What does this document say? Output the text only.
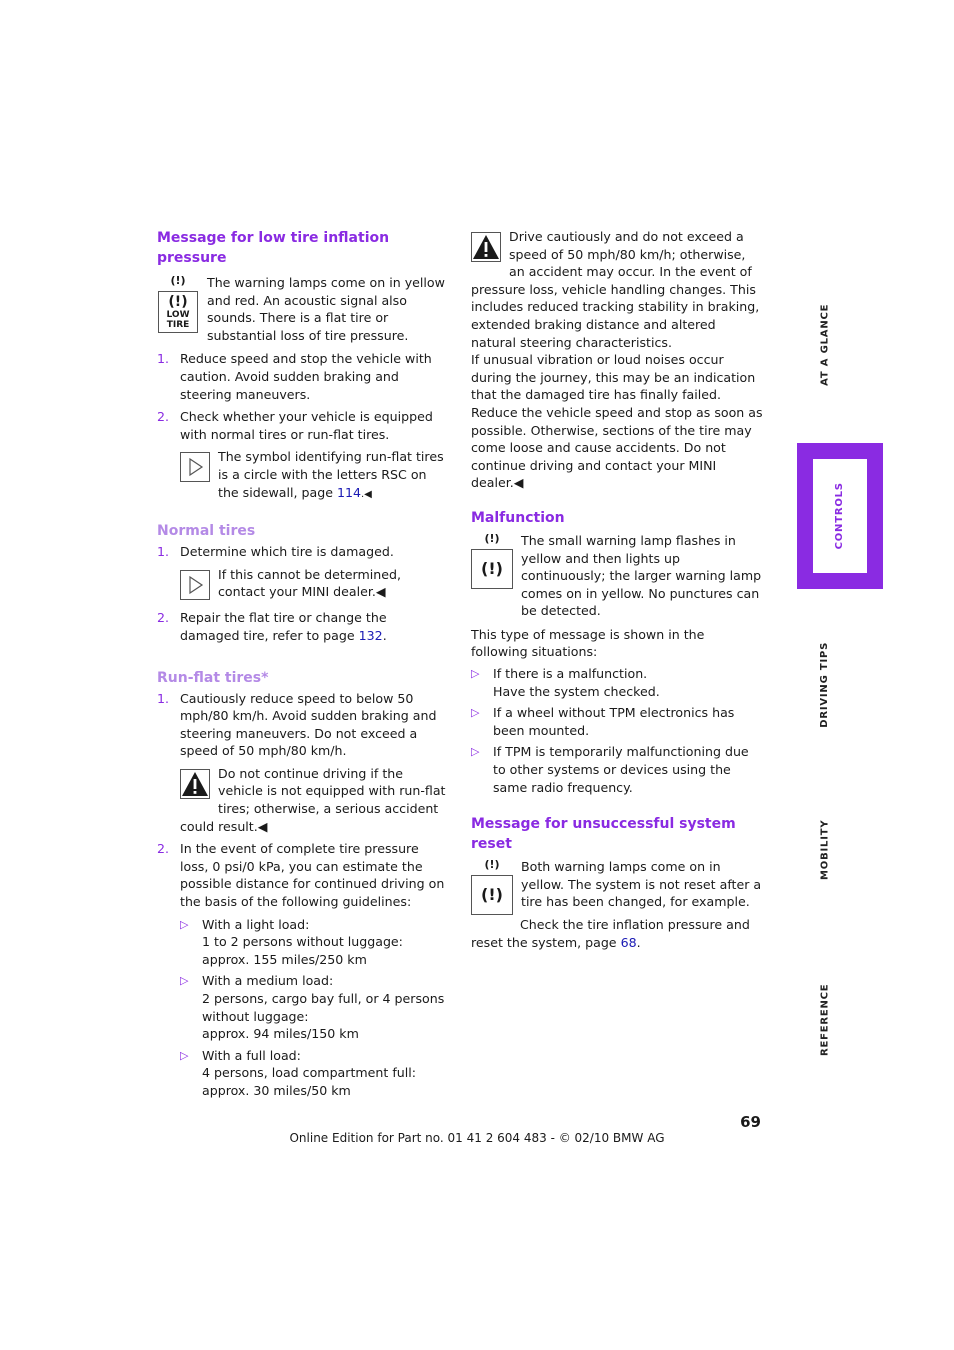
Message for low tire inflation pressure
(!)
(!)
LOW
TIRE

The warning lamps come on in yellow and red. An acoustic signal also sounds. There is a flat tire or substantial loss of tire pressure.

1. Reduce speed and stop the vehicle with caution. Avoid sudden braking and steering maneuvers.
2. Check whether your vehicle is equipped with normal tires or run-flat tires.

The symbol identifying run-flat tires is a circle with the letters RSC on the sidewall, page 114.◀

Normal tires
1. Determine which tire is damaged.

If this cannot be determined, contact your MINI dealer.◀

2. Repair the flat tire or change the damaged tire, refer to page 132.
Run-flat tires*
1. Cautiously reduce speed to below 50 mph/80 km/h. Avoid sudden braking and steering maneuvers. Do not exceed a speed of 50 mph/80 km/h.

Do not continue driving if the vehicle is not equipped with run-flat tires; otherwise, a serious accident could result.◀

2. In the event of complete tire pressure loss, 0 psi/0 kPa, you can estimate the possible distance for continued driving on the basis of the following guidelines:
▷	With a light load:
1 to 2 persons without luggage:
approx. 155 miles/250 km
▷	With a medium load:
2 persons, cargo bay full, or 4 persons without luggage:
approx. 94 miles/150 km
▷	With a full load:
4 persons, load compartment full:
approx. 30 miles/50 km

Drive cautiously and do not exceed a speed of 50 mph/80 km/h; otherwise, an accident may occur. In the event of pressure loss, vehicle handling changes. This includes reduced tracking stability in braking, extended braking distance and altered natural steering characteristics.

If unusual vibration or loud noises occur during the journey, this may be an indication that the damaged tire has finally failed. Reduce the vehicle speed and stop as soon as possible. Otherwise, sections of the tire may come loose and cause accidents. Do not continue driving and contact your MINI dealer.◀

Malfunction
(!)
(!)

The small warning lamp flashes in yellow and then lights up continuously; the larger warning lamp comes on in yellow. No punctures can be detected.

This type of message is shown in the following situations:

▷	If there is a malfunction.
Have the system checked.
▷	If a wheel without TPM electronics has been mounted.
▷	If TPM is temporarily malfunctioning due to other systems or devices using the same radio frequency.
Message for unsuccessful system reset
(!)
(!)

Both warning lamps come on in yellow. The system is not reset after a tire has been changed, for example.

Check the tire inflation pressure and reset the system, page 68.

AT A GLANCE
CONTROLS
DRIVING TIPS
MOBILITY
REFERENCE
69
Online Edition for Part no. 01 41 2 604 483 - © 02/10 BMW AG
